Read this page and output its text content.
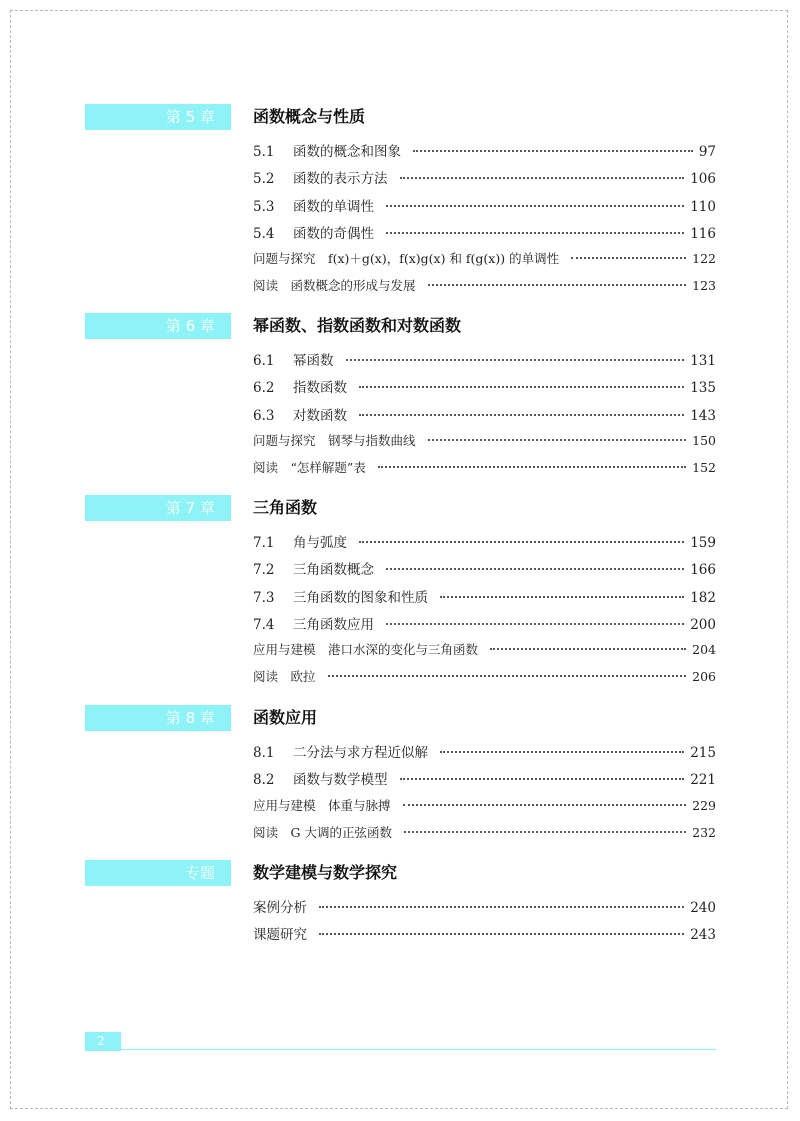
第 5 章	函数概念与性质
5.1	函数的概念和图象	97
5.2	函数的表示方法	106
5.3	函数的单调性	110
5.4	函数的奇偶性	116
问题与探究　f(x)＋g(x)，f(x)g(x) 和 f(g(x)) 的单调性	122
阅读　函数概念的形成与发展	123
第 6 章	幂函数、指数函数和对数函数
6.1	幂函数	131
6.2	指数函数	135
6.3	对数函数	143
问题与探究　钢琴与指数曲线	150
阅读　“怎样解题”表	152
第 7 章	三角函数
7.1	角与弧度	159
7.2	三角函数概念	166
7.3	三角函数的图象和性质	182
7.4	三角函数应用	200
应用与建模　港口水深的变化与三角函数	204
阅读　欧拉	206
第 8 章	函数应用
8.1	二分法与求方程近似解	215
8.2	函数与数学模型	221
应用与建模　体重与脉搏	229
阅读　G 大调的正弦函数	232
专题	数学建模与数学探究
案例分析	240
课题研究	243
2
